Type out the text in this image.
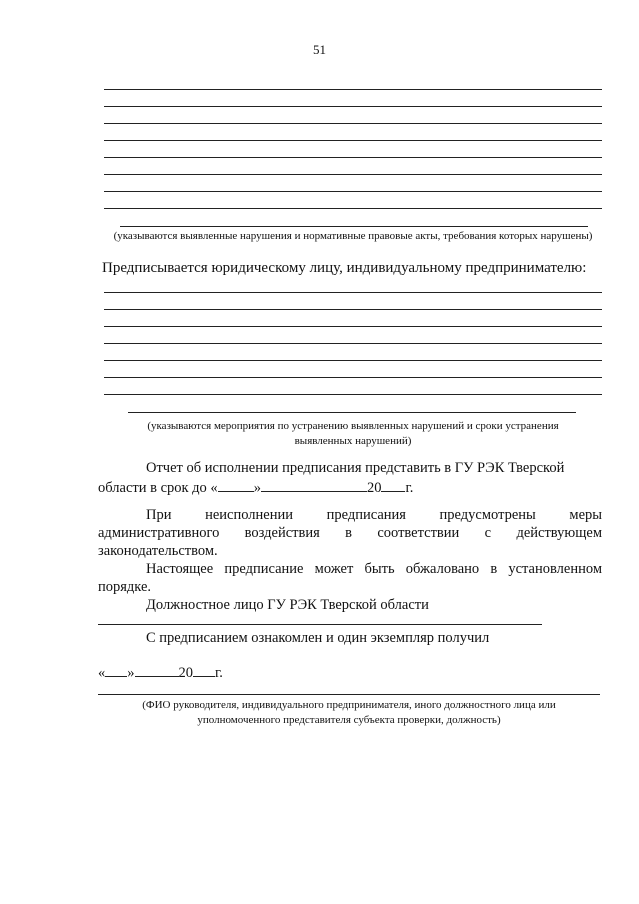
51
(указываются выявленные нарушения и нормативные правовые акты, требования которых нарушены)
Предписывается юридическому лицу, индивидуальному предпринимателю:
(указываются мероприятия по устранению выявленных нарушений и сроки устранения
выявленных нарушений)
Отчет об исполнении предписания представить в ГУ РЭК Тверской
области в срок до « »	20 г.
При неисполнении предписания предусмотрены меры
административного воздействия в соответствии с действующем
законодательством.
Настоящее предписание может быть обжаловано в установленном
порядке.
Должностное лицо ГУ РЭК Тверской области
С предписанием ознакомлен и один экземпляр получил
« »	20 г.
(ФИО руководителя, индивидуального предпринимателя, иного должностного лица или
уполномоченного представителя субъекта проверки, должность)
